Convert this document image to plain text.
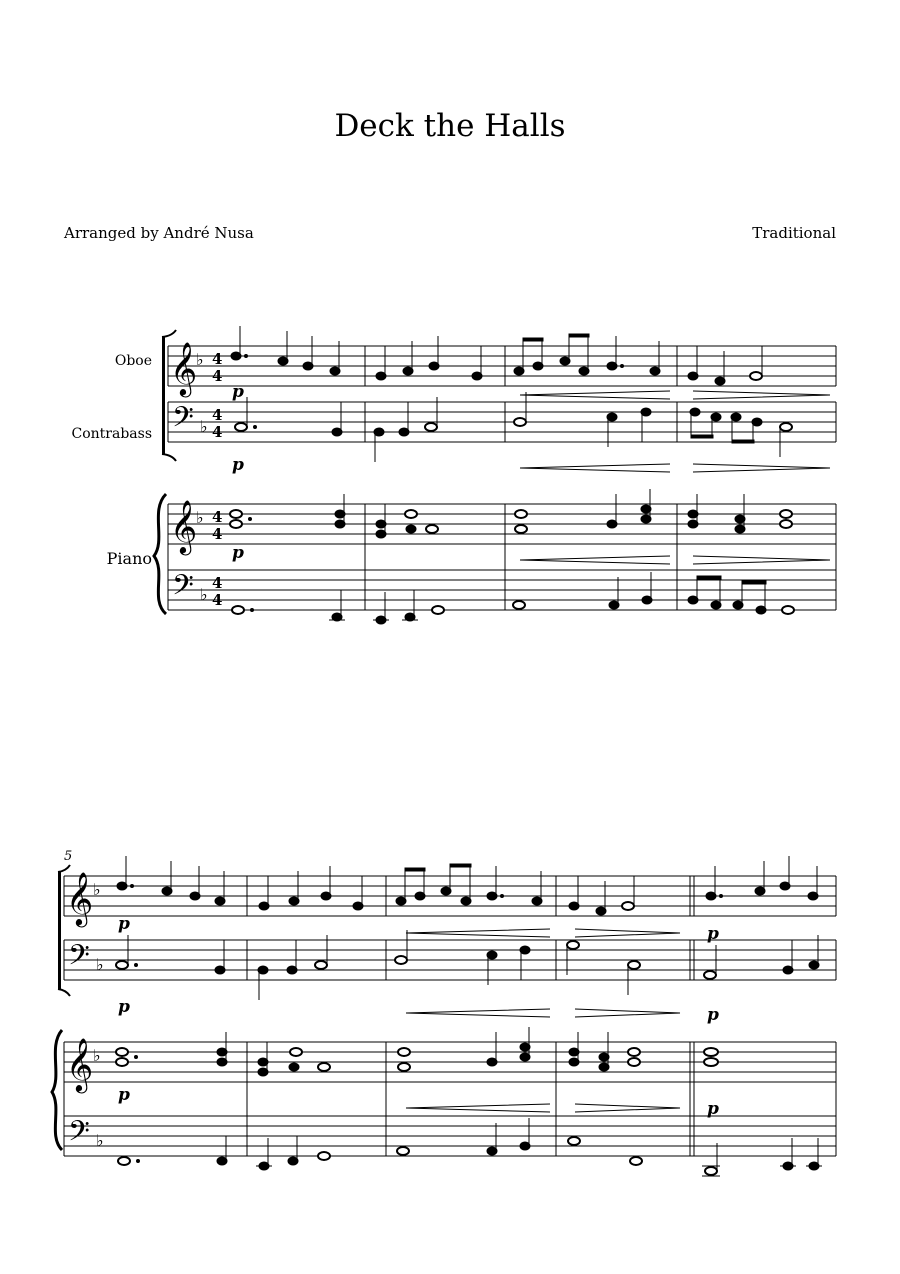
Deck the Halls
Arranged by André Nusa	Traditional
Oboe
Contrabass
Piano
𝄞
♭ 4
4
p
𝄢 ♭
4
4
p
𝄞
♭ 4
4
p
𝄢 ♭
4
4
5
𝄞 ♭
p	p
𝄢 ♭
p	p
𝄞 ♭
p
p
𝄢 ♭
